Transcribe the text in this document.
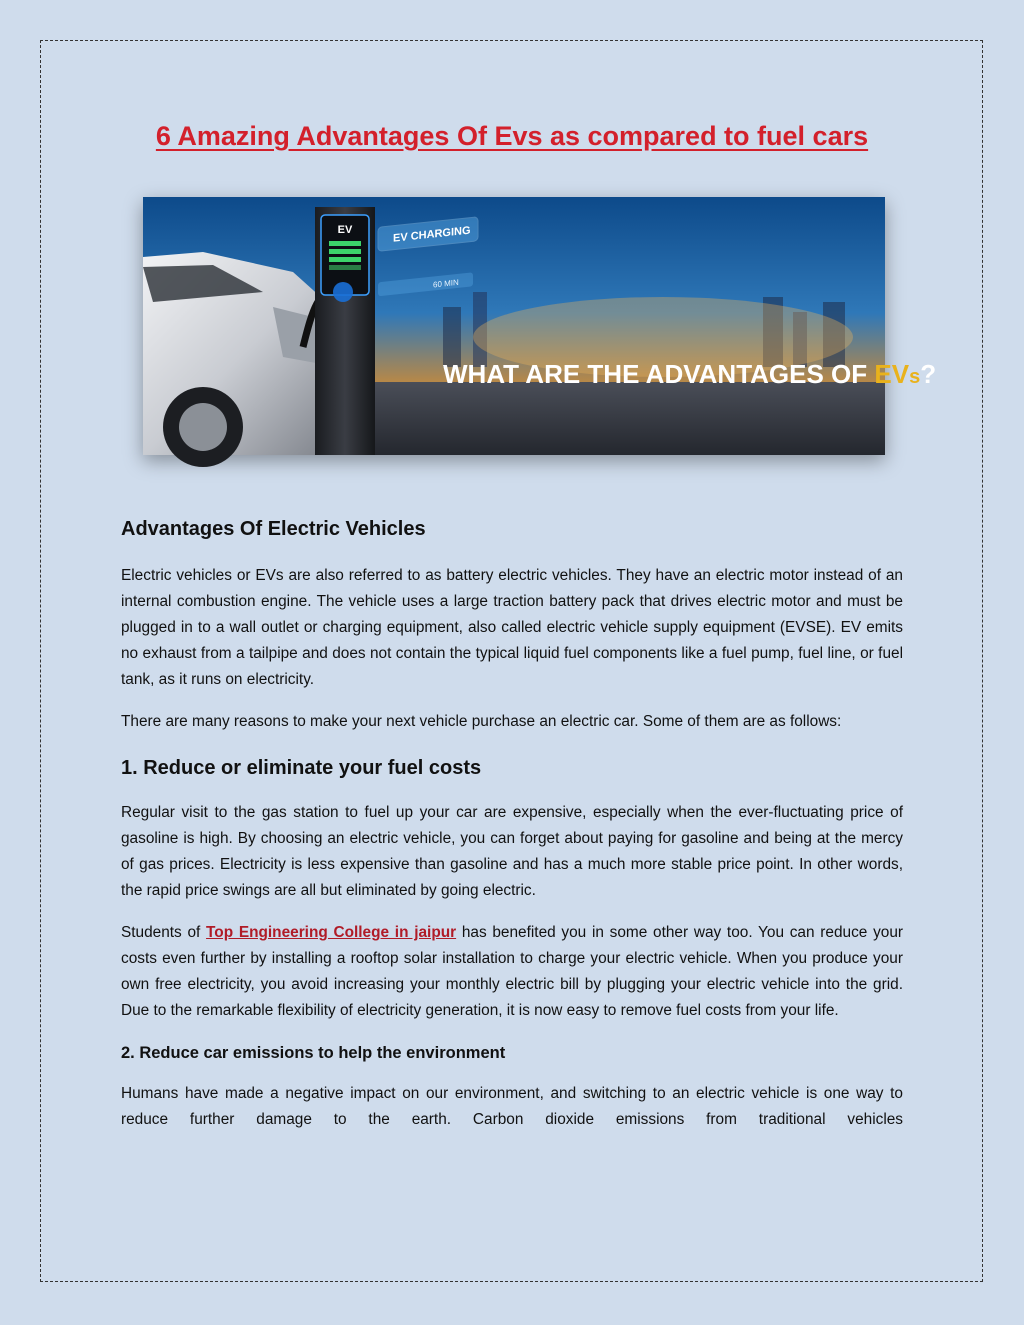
6 Amazing Advantages Of Evs as compared to fuel cars
EV	EV CHARGING
60 MIN
WHAT ARE THE ADVANTAGES OF EVs?
Advantages Of Electric Vehicles

Electric vehicles or EVs are also referred to as battery electric vehicles. They have an electric motor instead of an internal combustion engine. The vehicle uses a large traction battery pack that drives electric motor and must be plugged in to a wall outlet or charging equipment, also called electric vehicle supply equipment (EVSE). EV emits no exhaust from a tailpipe and does not contain the typical liquid fuel components like a fuel pump, fuel line, or fuel tank, as it runs on electricity.

There are many reasons to make your next vehicle purchase an electric car. Some of them are as follows:

1. Reduce or eliminate your fuel costs

Regular visit to the gas station to fuel up your car are expensive, especially when the ever-fluctuating price of gasoline is high. By choosing an electric vehicle, you can forget about paying for gasoline and being at the mercy of gas prices. Electricity is less expensive than gasoline and has a much more stable price point. In other words, the rapid price swings are all but eliminated by going electric.

Students of Top Engineering College in jaipur has benefited you in some other way too. You can reduce your costs even further by installing a rooftop solar installation to charge your electric vehicle. When you produce your own free electricity, you avoid increasing your monthly electric bill by plugging your electric vehicle into the grid. Due to the remarkable flexibility of electricity generation, it is now easy to remove fuel costs from your life.

2. Reduce car emissions to help the environment

Humans have made a negative impact on our environment, and switching to an electric vehicle is one way to reduce further damage to the earth. Carbon dioxide emissions from traditional vehicles
